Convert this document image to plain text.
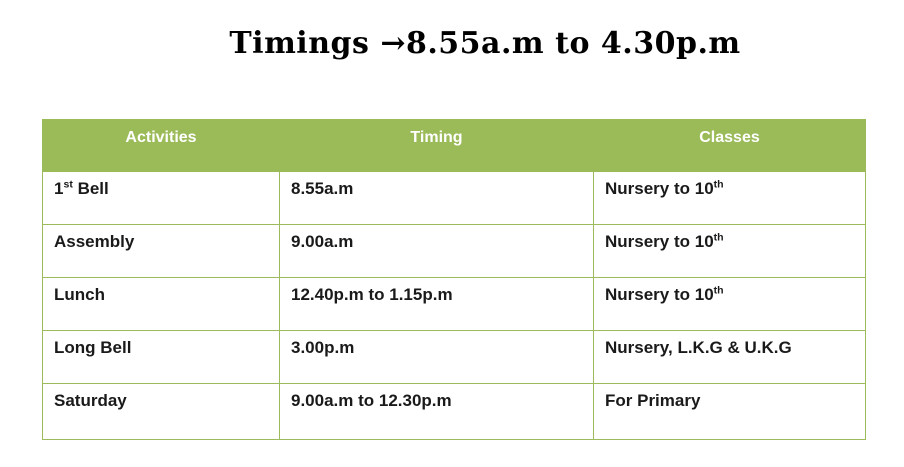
Timings →8.55a.m to 4.30p.m
Activities	Timing	Classes
1st Bell	8.55a.m	Nursery to 10th
Assembly	9.00a.m	Nursery to 10th
Lunch	12.40p.m to 1.15p.m	Nursery to 10th
Long Bell	3.00p.m	Nursery, L.K.G & U.K.G
Saturday	9.00a.m to 12.30p.m	For Primary
